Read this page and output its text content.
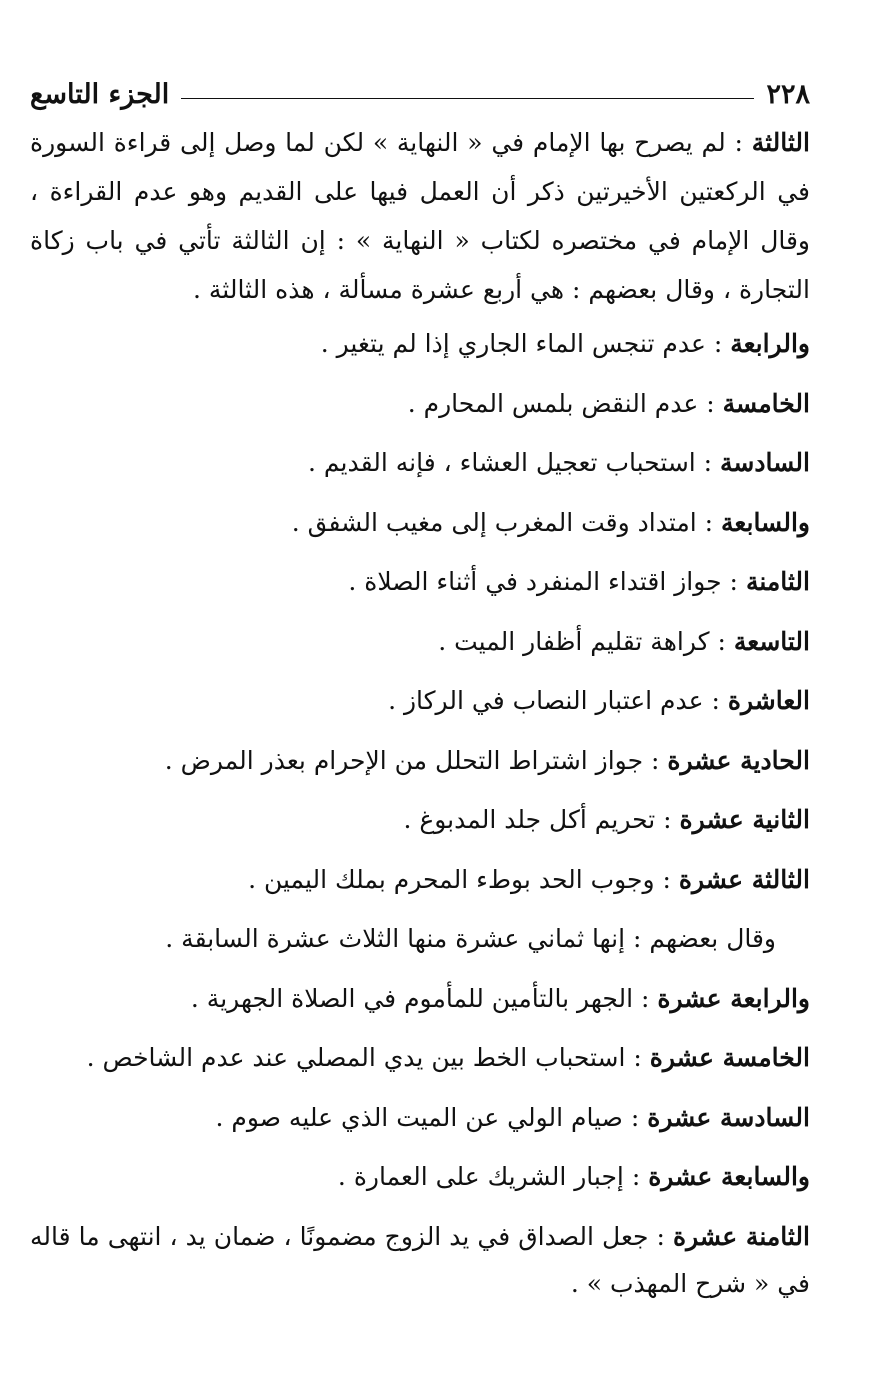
٢٢٨
الجزء التاسع

الثالثة : لم يصرح بها الإمام في « النهاية » لكن لما وصل إلى قراءة السورة في الركعتين الأخيرتين ذكر أن العمل فيها على القديم وهو عدم القراءة ، وقال الإمام في مختصره لكتاب « النهاية » : إن الثالثة تأتي في باب زكاة التجارة ، وقال بعضهم : هي أربع عشرة مسألة ، هذه الثالثة .

والرابعة : عدم تنجس الماء الجاري إذا لم يتغير .

الخامسة : عدم النقض بلمس المحارم .

السادسة : استحباب تعجيل العشاء ، فإنه القديم .

والسابعة : امتداد وقت المغرب إلى مغيب الشفق .

الثامنة : جواز اقتداء المنفرد في أثناء الصلاة .

التاسعة : كراهة تقليم أظفار الميت .

العاشرة : عدم اعتبار النصاب في الركاز .

الحادية عشرة : جواز اشتراط التحلل من الإحرام بعذر المرض .

الثانية عشرة : تحريم أكل جلد المدبوغ .

الثالثة عشرة : وجوب الحد بوطء المحرم بملك اليمين .

وقال بعضهم : إنها ثماني عشرة منها الثلاث عشرة السابقة .

والرابعة عشرة : الجهر بالتأمين للمأموم في الصلاة الجهرية .

الخامسة عشرة : استحباب الخط بين يدي المصلي عند عدم الشاخص .

السادسة عشرة : صيام الولي عن الميت الذي عليه صوم .

والسابعة عشرة : إجبار الشريك على العمارة .

الثامنة عشرة : جعل الصداق في يد الزوج مضمونًا ، ضمان يد ، انتهى ما قاله في « شرح المهذب » .
